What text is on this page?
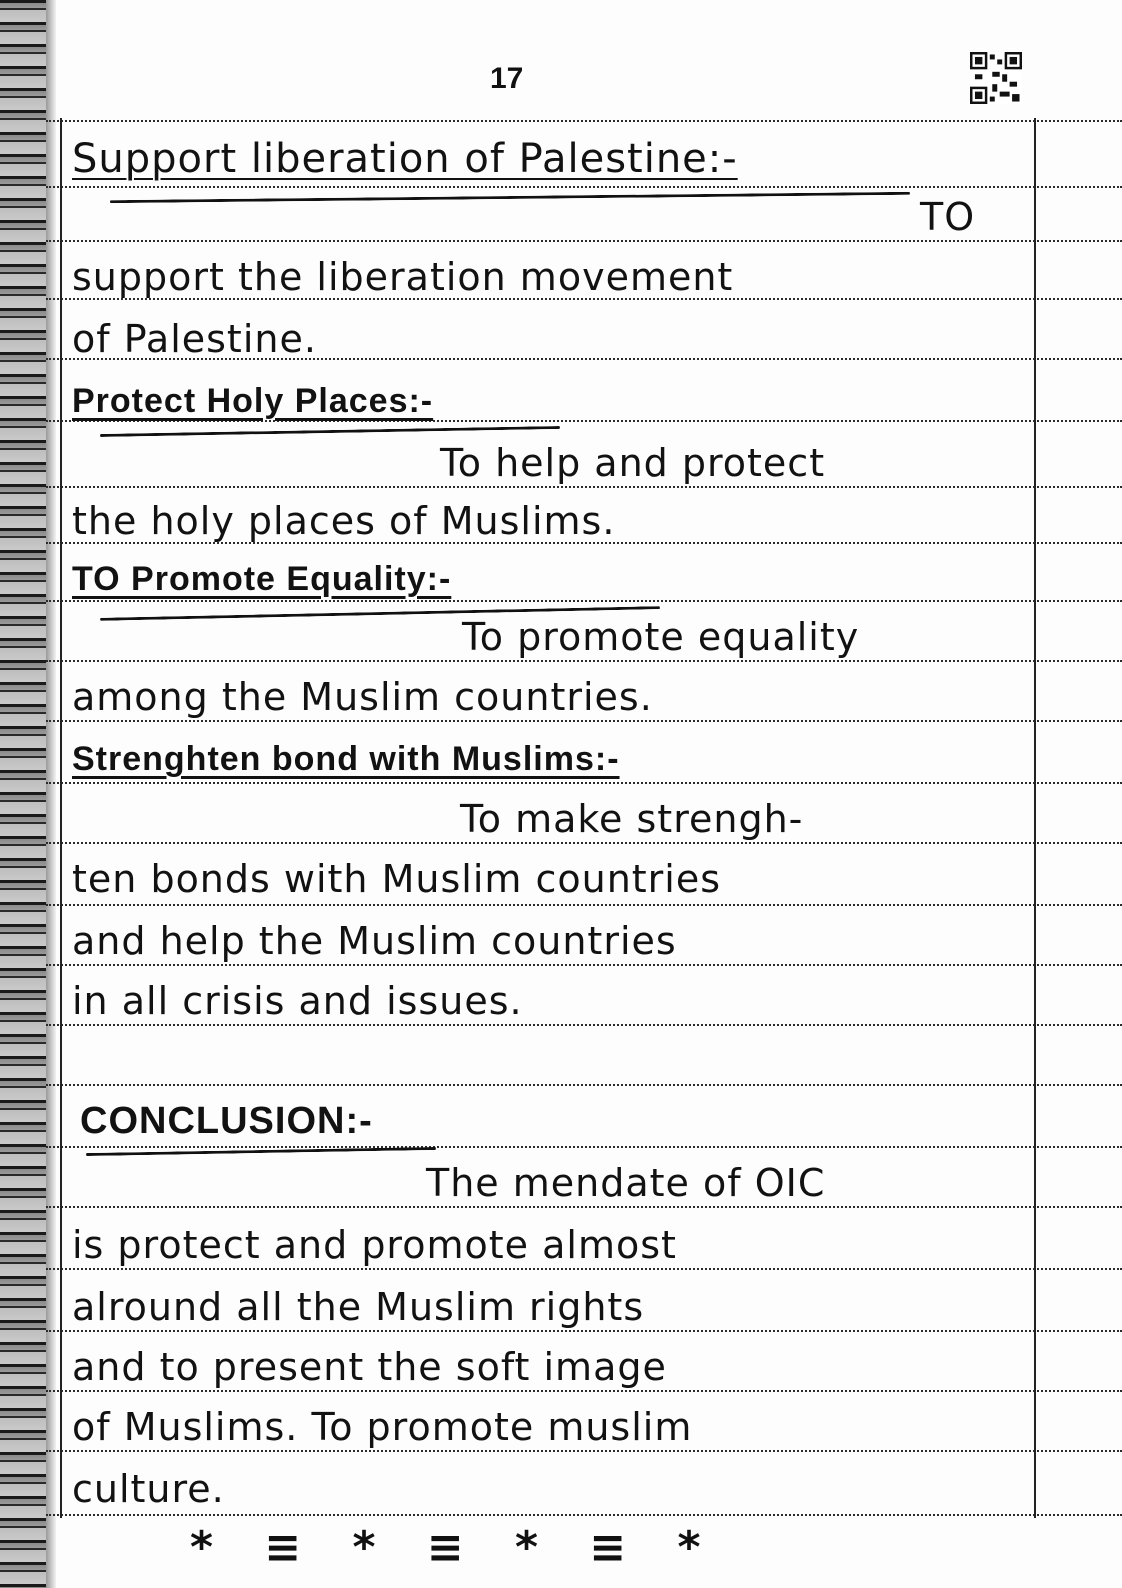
17
Support liberation of Palestine:-
TO
support the liberation movement
of Palestine.
Protect Holy Places:-
To help and protect
the holy places of Muslims.
TO Promote Equality:-
To promote equality
among the Muslim countries.
Strenghten bond with Muslims:-
To make strengh-
ten bonds with Muslim countries
and help the Muslim countries
in all crisis and issues.
CONCLUSION:-
The mendate of OIC
is protect and promote almost
alround all the Muslim rights
and to present the soft image
of Muslims. To promote muslim
culture.
* ≡ * ≡ * ≡ *
